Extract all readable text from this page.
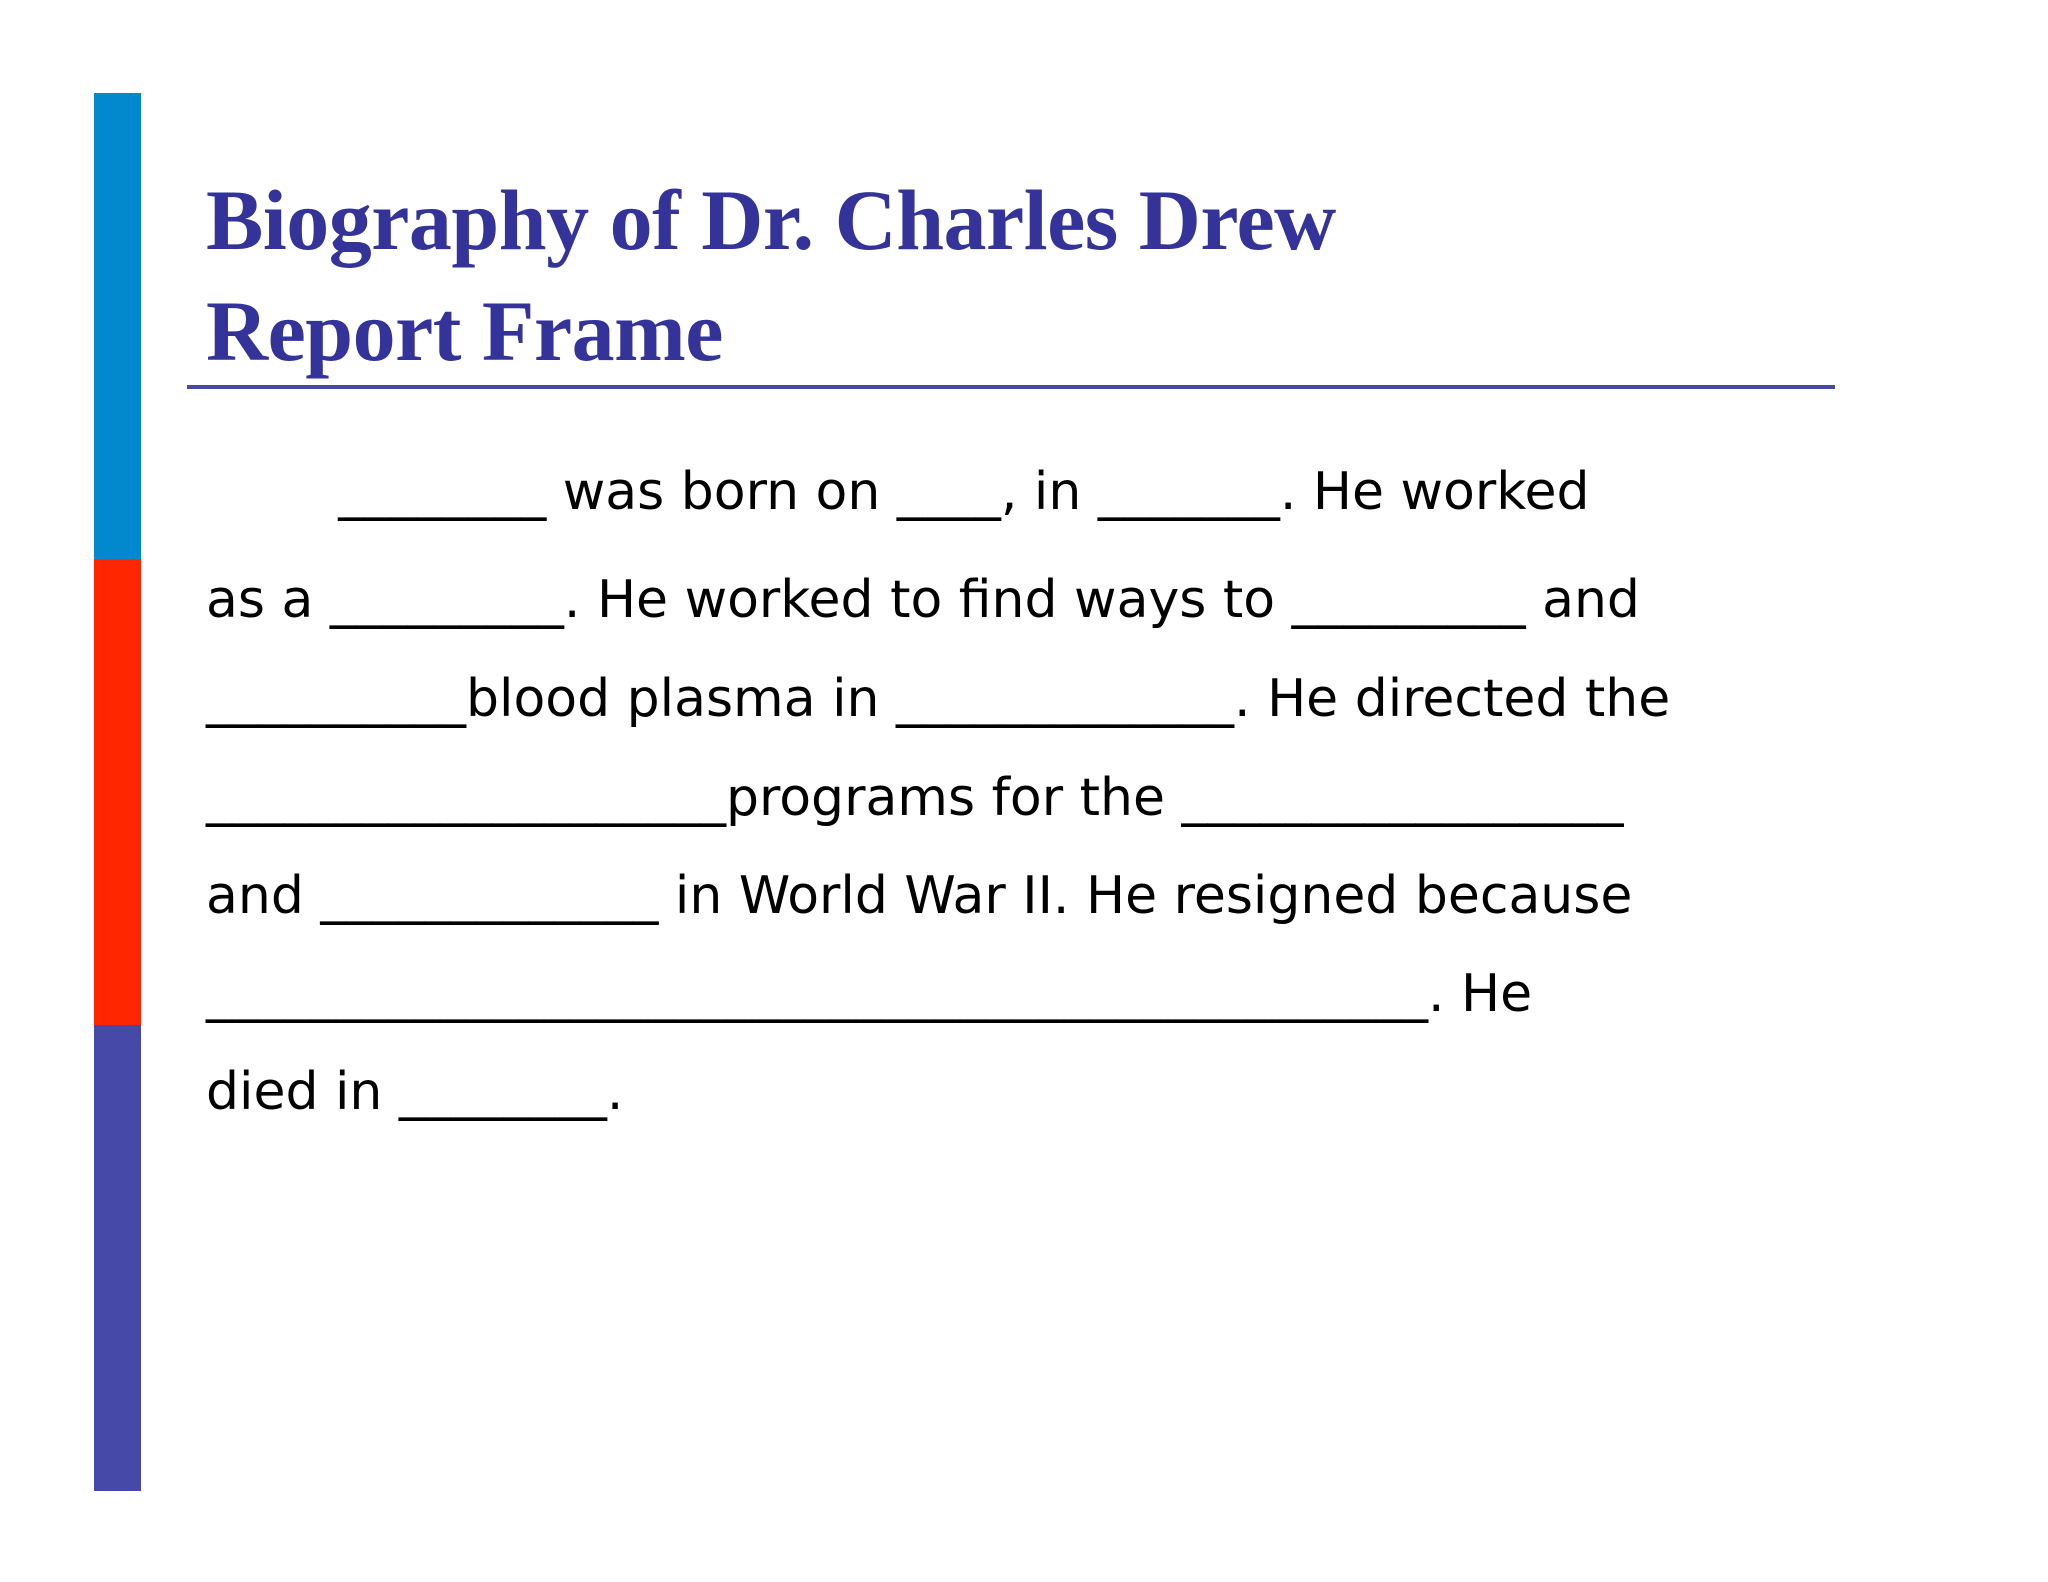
Biography of Dr. Charles Drew
Report Frame
________ was born on ____, in _______. He worked
as a _________. He worked to find ways to _________ and
__________blood plasma in _____________. He directed the
____________________programs for the _________________
and _____________ in World War II. He resigned because
_______________________________________________. He
died in ________.
